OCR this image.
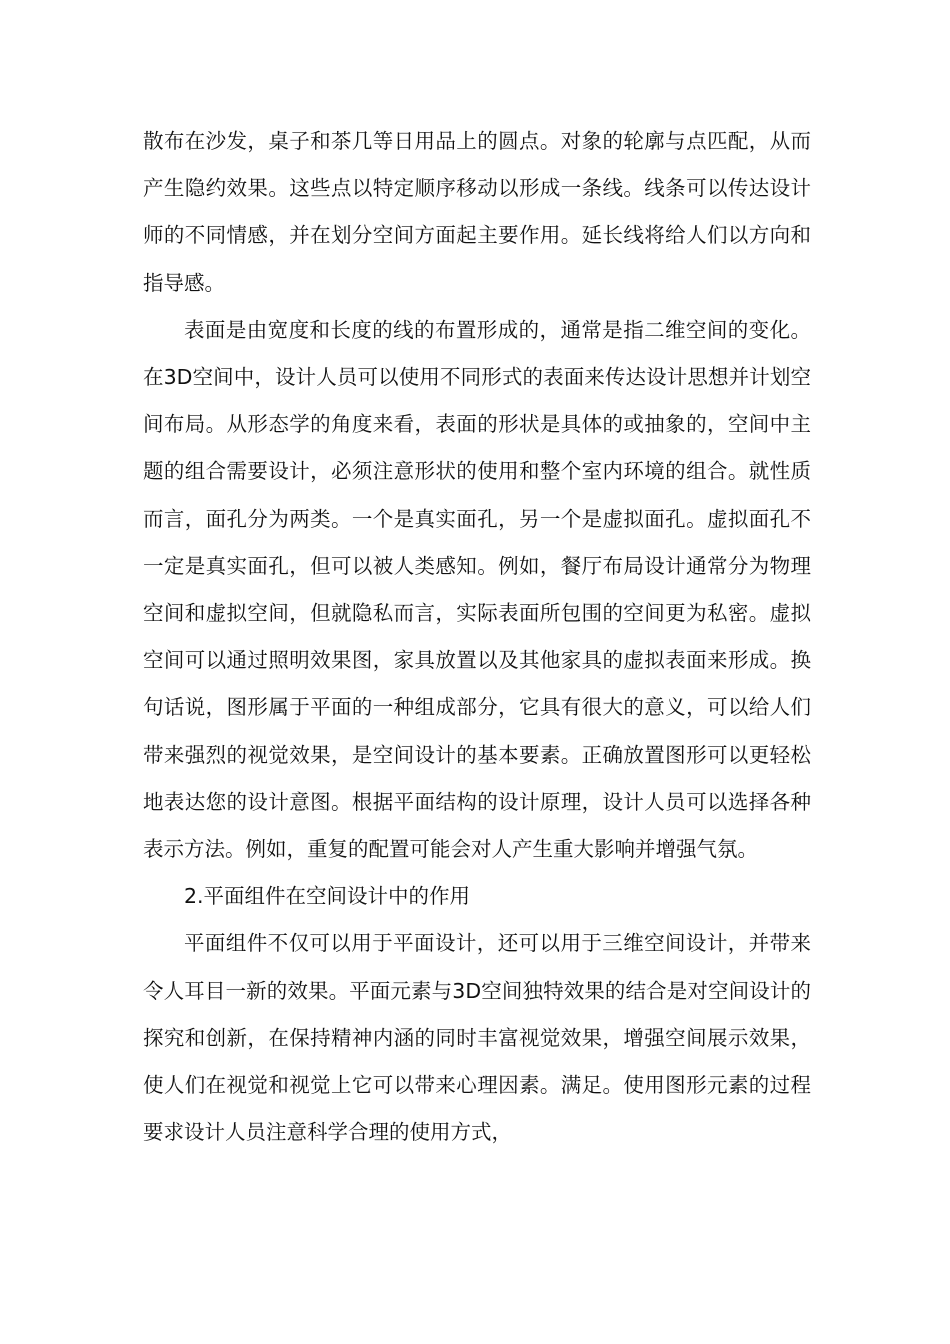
散布在沙发，桌子和茶几等日用品上的圆点。对象的轮廓与点匹配，从而产生隐约效果。这些点以特定顺序移动以形成一条线。线条可以传达设计师的不同情感，并在划分空间方面起主要作用。延长线将给人们以方向和指导感。

表面是由宽度和长度的线的布置形成的，通常是指二维空间的变化。在3D空间中，设计人员可以使用不同形式的表面来传达设计思想并计划空间布局。从形态学的角度来看，表面的形状是具体的或抽象的，空间中主题的组合需要设计，必须注意形状的使用和整个室内环境的组合。就性质而言，面孔分为两类。一个是真实面孔，另一个是虚拟面孔。虚拟面孔不一定是真实面孔，但可以被人类感知。例如，餐厅布局设计通常分为物理空间和虚拟空间，但就隐私而言，实际表面所包围的空间更为私密。虚拟空间可以通过照明效果图，家具放置以及其他家具的虚拟表面来形成。换句话说，图形属于平面的一种组成部分，它具有很大的意义，可以给人们带来强烈的视觉效果，是空间设计的基本要素。正确放置图形可以更轻松地表达您的设计意图。根据平面结构的设计原理，设计人员可以选择各种表示方法。例如，重复的配置可能会对人产生重大影响并增强气氛。

2.平面组件在空间设计中的作用

平面组件不仅可以用于平面设计，还可以用于三维空间设计，并带来令人耳目一新的效果。平面元素与3D空间独特效果的结合是对空间设计的探究和创新，在保持精神内涵的同时丰富视觉效果，增强空间展示效果，使人们在视觉和视觉上它可以带来心理因素。满足。使用图形元素的过程要求设计人员注意科学合理的使用方式，
